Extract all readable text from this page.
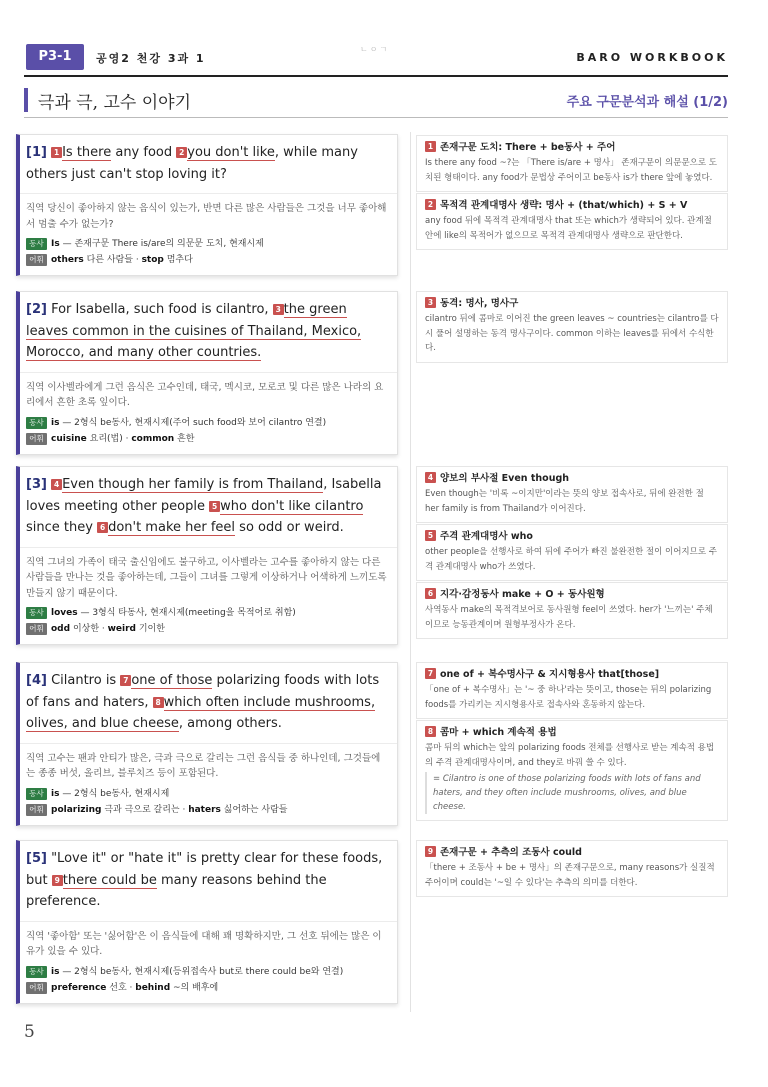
P3-1	공영2 천강 3과 1
ㄴㅇㄱ
BARO WORKBOOK
극과 극, 고수 이야기	주요 구문분석과 해설 (1/2)
[1] 1 Is there any food 2 you don't like, while many others just can't stop loving it?
직역 당신이 좋아하지 않는 음식이 있는가, 반면 다른 많은 사람들은 그것을 너무 좋아해서 멈출 수가 없는가?
동사 Is — 존재구문 There is/are의 의문문 도치, 현재시제
어휘 others 다른 사람들 · stop 멈추다
[2] For Isabella, such food is cilantro, 3 the green leaves common in the cuisines of Thailand, Mexico, Morocco, and many other countries.
직역 이사벨라에게 그런 음식은 고수인데, 태국, 멕시코, 모로코 및 다른 많은 나라의 요리에서 흔한 초록 잎이다.
동사 is — 2형식 be동사, 현재시제(주어 such food와 보어 cilantro 연결)
어휘 cuisine 요리(법) · common 흔한
[3] 4 Even though her family is from Thailand, Isabella loves meeting other people 5 who don't like cilantro since they 6 don't make her feel so odd or weird.
직역 그녀의 가족이 태국 출신임에도 불구하고, 이사벨라는 고수를 좋아하지 않는 다른 사람들을 만나는 것을 좋아하는데, 그들이 그녀를 그렇게 이상하거나 어색하게 느끼도록 만들지 않기 때문이다.
동사 loves — 3형식 타동사, 현재시제(meeting을 목적어로 취함)
어휘 odd 이상한 · weird 기이한
[4] Cilantro is 7 one of those polarizing foods with lots of fans and haters, 8 which often include mushrooms, olives, and blue cheese, among others.
직역 고수는 팬과 안티가 많은, 극과 극으로 갈리는 그런 음식들 중 하나인데, 그것들에는 종종 버섯, 올리브, 블루치즈 등이 포함된다.
동사 is — 2형식 be동사, 현재시제
어휘 polarizing 극과 극으로 갈리는 · haters 싫어하는 사람들
[5] "Love it" or "hate it" is pretty clear for these foods, but 9 there could be many reasons behind the preference.
직역 '좋아함' 또는 '싫어함'은 이 음식들에 대해 꽤 명확하지만, 그 선호 뒤에는 많은 이유가 있을 수 있다.
동사 is — 2형식 be동사, 현재시제(등위접속사 but로 there could be와 연결)
어휘 preference 선호 · behind ~의 배후에
1 존재구문 도치: There + be동사 + 주어
Is there any food ~?는 「There is/are + 명사」 존재구문이 의문문으로 도치된 형태이다. any food가 문법상 주어이고 be동사 is가 there 앞에 놓였다.
2 목적격 관계대명사 생략: 명사 + (that/which) + S + V
any food 뒤에 목적격 관계대명사 that 또는 which가 생략되어 있다. 관계절 안에 like의 목적어가 없으므로 목적격 관계대명사 생략으로 판단한다.
3 동격: 명사, 명사구
cilantro 뒤에 콤마로 이어진 the green leaves ~ countries는 cilantro를 다시 풀어 설명하는 동격 명사구이다. common 이하는 leaves를 뒤에서 수식한다.
4 양보의 부사절 Even though
Even though는 '비록 ~이지만'이라는 뜻의 양보 접속사로, 뒤에 완전한 절 her family is from Thailand가 이어진다.
5 주격 관계대명사 who
other people을 선행사로 하여 뒤에 주어가 빠진 불완전한 절이 이어지므로 주격 관계대명사 who가 쓰였다.
6 지각·감정동사 make + O + 동사원형
사역동사 make의 목적격보어로 동사원형 feel이 쓰였다. her가 '느끼는' 주체이므로 능동관계이며 원형부정사가 온다.
7 one of + 복수명사구 & 지시형용사 that[those]
「one of + 복수명사」는 '~ 중 하나'라는 뜻이고, those는 뒤의 polarizing foods를 가리키는 지시형용사로 접속사와 혼동하지 않는다.
8 콤마 + which 계속적 용법
콤마 뒤의 which는 앞의 polarizing foods 전체를 선행사로 받는 계속적 용법의 주격 관계대명사이며, and they로 바꿔 쓸 수 있다.
= Cilantro is one of those polarizing foods with lots of fans and haters, and they often include mushrooms, olives, and blue cheese.
9 존재구문 + 추측의 조동사 could
「there + 조동사 + be + 명사」의 존재구문으로, many reasons가 실질적 주어이며 could는 '~일 수 있다'는 추측의 의미를 더한다.
5
